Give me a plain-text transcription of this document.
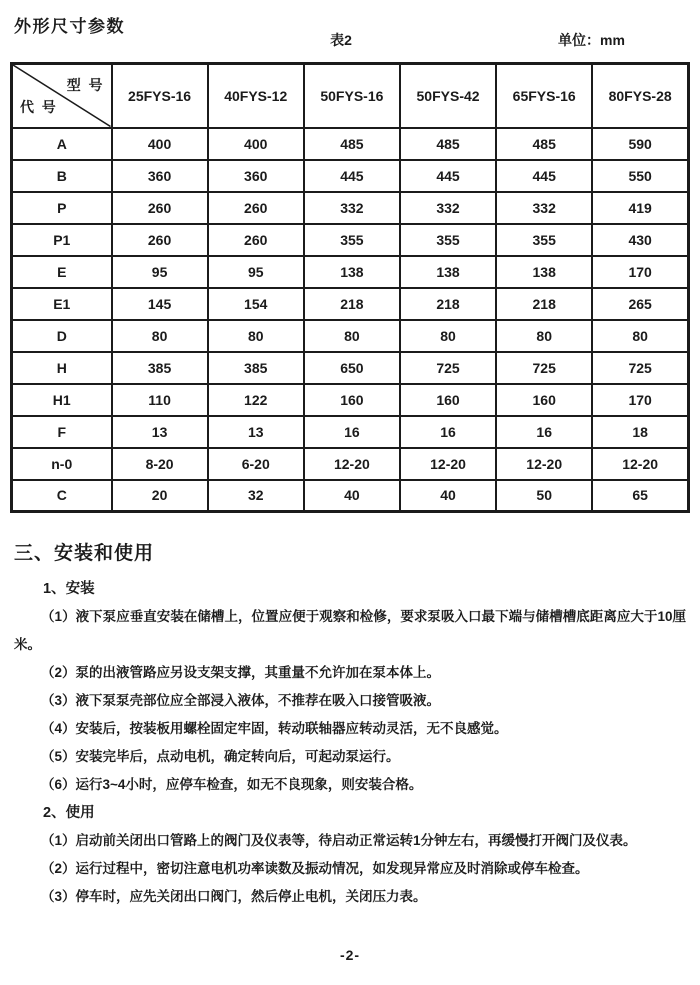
外形尺寸参数
表2	单位：mm
型  号
代  号	25FYS-16	40FYS-12	50FYS-16	50FYS-42	65FYS-16	80FYS-28
A	400	400	485	485	485	590
B	360	360	445	445	445	550
P	260	260	332	332	332	419
P1	260	260	355	355	355	430
E	95	95	138	138	138	170
E1	145	154	218	218	218	265
D	80	80	80	80	80	80
H	385	385	650	725	725	725
H1	110	122	160	160	160	170
F	13	13	16	16	16	18
n-0	8-20	6-20	12-20	12-20	12-20	12-20
C	20	32	40	40	50	65
三、安装和使用

1、安装

（1）液下泵应垂直安装在储槽上，位置应便于观察和检修，要求泵吸入口最下端与储槽槽底距离应大于10厘米。

（2）泵的出液管路应另设支架支撑，其重量不允许加在泵本体上。

（3）液下泵泵壳部位应全部浸入液体，不推荐在吸入口接管吸液。

（4）安装后，按装板用螺栓固定牢固，转动联轴器应转动灵活，无不良感觉。

（5）安装完毕后，点动电机，确定转向后，可起动泵运行。

（6）运行3~4小时，应停车检查，如无不良现象，则安装合格。

2、使用

（1）启动前关闭出口管路上的阀门及仪表等，待启动正常运转1分钟左右，再缓慢打开阀门及仪表。

（2）运行过程中，密切注意电机功率读数及振动情况，如发现异常应及时消除或停车检查。

（3）停车时，应先关闭出口阀门，然后停止电机，关闭压力表。

-2-
